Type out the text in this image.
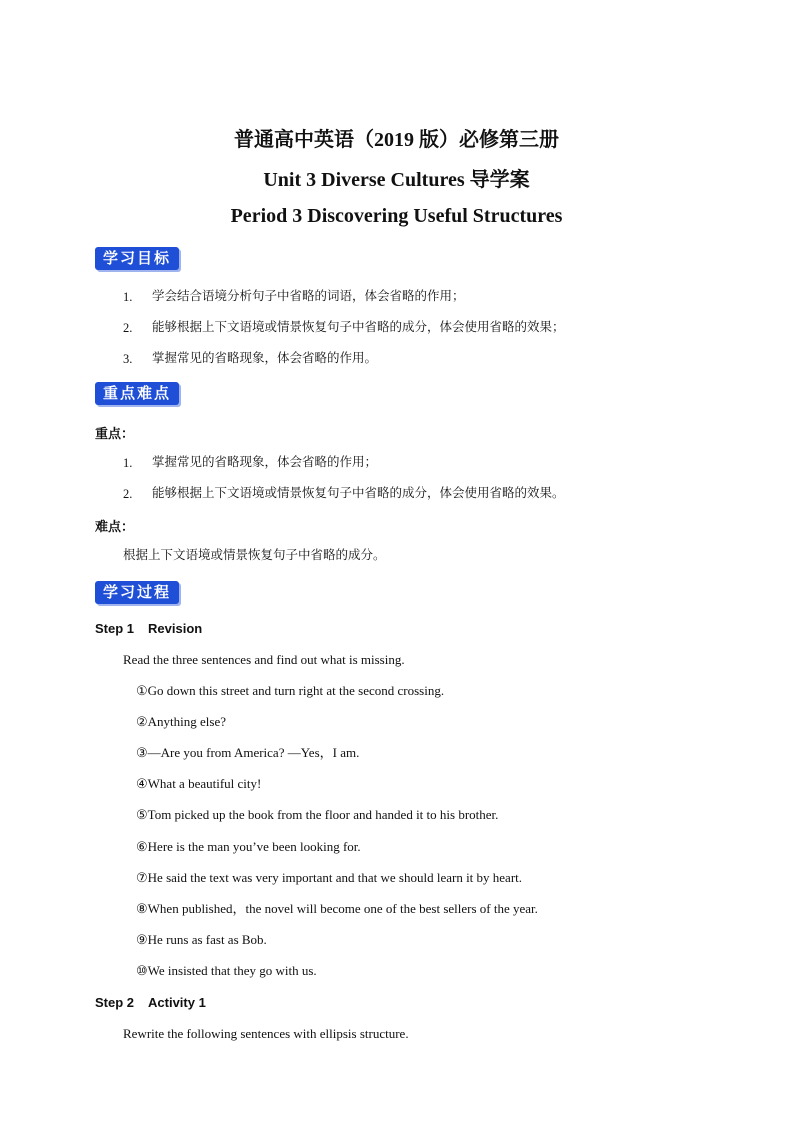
普通高中英语（2019 版）必修第三册
Unit 3 Diverse Cultures 导学案
Period 3 Discovering Useful Structures
学习目标
1. 学会结合语境分析句子中省略的词语，体会省略的作用；
2. 能够根据上下文语境或情景恢复句子中省略的成分，体会使用省略的效果；
3. 掌握常见的省略现象，体会省略的作用。
重点难点
重点：
1. 掌握常见的省略现象，体会省略的作用；
2. 能够根据上下文语境或情景恢复句子中省略的成分，体会使用省略的效果。
难点：
根据上下文语境或情景恢复句子中省略的成分。
学习过程
Step 1 Revision
Read the three sentences and find out what is missing.
①Go down this street and turn right at the second crossing.
②Anything else?
③—Are you from America? —Yes，I am.
④What a beautiful city!
⑤Tom picked up the book from the floor and handed it to his brother.
⑥Here is the man you’ve been looking for.
⑦He said the text was very important and that we should learn it by heart.
⑧When published，the novel will become one of the best sellers of the year.
⑨He runs as fast as Bob.
⑩We insisted that they go with us.
Step 2 Activity 1
Rewrite the following sentences with ellipsis structure.
